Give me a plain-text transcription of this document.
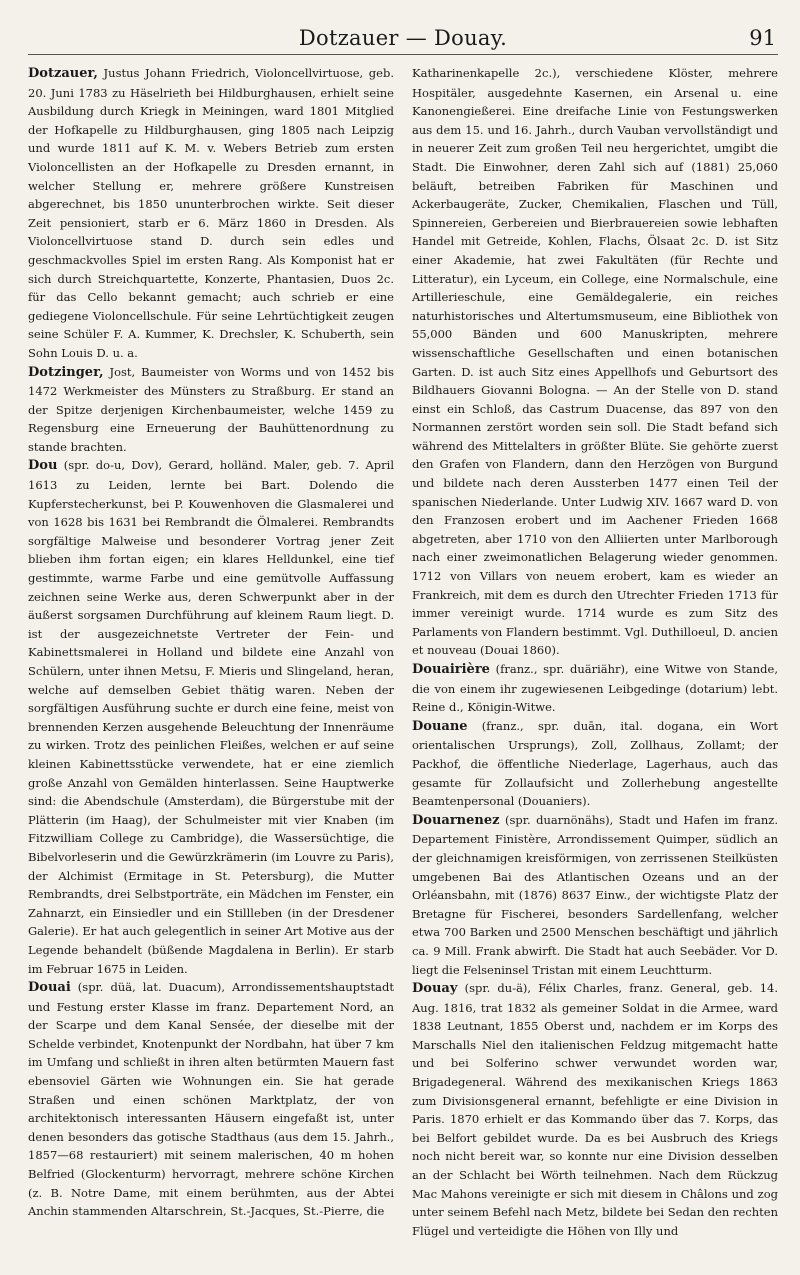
Dotzauer — Douay.	91

Dotzauer, Justus Johann Friedrich, Violoncellvirtuose, geb. 20. Juni 1783 zu Häselrieth bei Hildburghausen, erhielt seine Ausbildung durch Kriegk in Meiningen, ward 1801 Mitglied der Hofkapelle zu Hildburghausen, ging 1805 nach Leipzig und wurde 1811 auf K. M. v. Webers Betrieb zum ersten Violoncellisten an der Hofkapelle zu Dresden ernannt, in welcher Stellung er, mehrere größere Kunstreisen abgerechnet, bis 1850 ununterbrochen wirkte. Seit dieser Zeit pensioniert, starb er 6. März 1860 in Dresden. Als Violoncellvirtuose stand D. durch sein edles und geschmackvolles Spiel im ersten Rang. Als Komponist hat er sich durch Streichquartette, Konzerte, Phantasien, Duos 2c. für das Cello bekannt gemacht; auch schrieb er eine gediegene Violoncellschule. Für seine Lehrtüchtigkeit zeugen seine Schüler F. A. Kummer, K. Drechsler, K. Schuberth, sein Sohn Louis D. u. a.

Dotzinger, Jost, Baumeister von Worms und von 1452 bis 1472 Werkmeister des Münsters zu Straßburg. Er stand an der Spitze derjenigen Kirchenbaumeister, welche 1459 zu Regensburg eine Erneuerung der Bauhüttenordnung zu stande brachten.

Dou (spr. do-u, Dov), Gerard, holländ. Maler, geb. 7. April 1613 zu Leiden, lernte bei Bart. Dolendo die Kupferstecherkunst, bei P. Kouwenhoven die Glasmalerei und von 1628 bis 1631 bei Rembrandt die Ölmalerei. Rembrandts sorgfältige Malweise und besonderer Vortrag jener Zeit blieben ihm fortan eigen; ein klares Helldunkel, eine tief gestimmte, warme Farbe und eine gemütvolle Auffassung zeichnen seine Werke aus, deren Schwerpunkt aber in der äußerst sorgsamen Durchführung auf kleinem Raum liegt. D. ist der ausgezeichnetste Vertreter der Fein- und Kabinettsmalerei in Holland und bildete eine Anzahl von Schülern, unter ihnen Metsu, F. Mieris und Slingeland, heran, welche auf demselben Gebiet thätig waren. Neben der sorgfältigen Ausführung suchte er durch eine feine, meist von brennenden Kerzen ausgehende Beleuchtung der Innenräume zu wirken. Trotz des peinlichen Fleißes, welchen er auf seine kleinen Kabinettsstücke verwendete, hat er eine ziemlich große Anzahl von Gemälden hinterlassen. Seine Hauptwerke sind: die Abendschule (Amsterdam), die Bürgerstube mit der Plätterin (im Haag), der Schulmeister mit vier Knaben (im Fitzwilliam College zu Cambridge), die Wassersüchtige, die Bibelvorleserin und die Gewürzkrämerin (im Louvre zu Paris), der Alchimist (Ermitage in St. Petersburg), die Mutter Rembrandts, drei Selbstporträte, ein Mädchen im Fenster, ein Zahnarzt, ein Einsiedler und ein Stillleben (in der Dresdener Galerie). Er hat auch gelegentlich in seiner Art Motive aus der Legende behandelt (büßende Magdalena in Berlin). Er starb im Februar 1675 in Leiden.

Douai (spr. düä, lat. Duacum), Arrondissementshauptstadt und Festung erster Klasse im franz. Departement Nord, an der Scarpe und dem Kanal Sensée, der dieselbe mit der Schelde verbindet, Knotenpunkt der Nordbahn, hat über 7 km im Umfang und schließt in ihren alten betürmten Mauern fast ebensoviel Gärten wie Wohnungen ein. Sie hat gerade Straßen und einen schönen Marktplatz, der von architektonisch interessanten Häusern eingefaßt ist, unter denen besonders das gotische Stadthaus (aus dem 15. Jahrh., 1857—68 restauriert) mit seinem malerischen, 40 m hohen Belfried (Glockenturm) hervorragt, mehrere schöne Kirchen (z. B. Notre Dame, mit einem berühmten, aus der Abtei Anchin stammenden Altarschrein, St.-Jacques, St.-Pierre, die

Katharinenkapelle 2c.), verschiedene Klöster, mehrere Hospitäler, ausgedehnte Kasernen, ein Arsenal u. eine Kanonengießerei. Eine dreifache Linie von Festungswerken aus dem 15. und 16. Jahrh., durch Vauban vervollständigt und in neuerer Zeit zum großen Teil neu hergerichtet, umgibt die Stadt. Die Einwohner, deren Zahl sich auf (1881) 25,060 beläuft, betreiben Fabriken für Maschinen und Ackerbaugeräte, Zucker, Chemikalien, Flaschen und Tüll, Spinnereien, Gerbereien und Bierbrauereien sowie lebhaften Handel mit Getreide, Kohlen, Flachs, Ölsaat 2c. D. ist Sitz einer Akademie, hat zwei Fakultäten (für Rechte und Litteratur), ein Lyceum, ein College, eine Normalschule, eine Artillerieschule, eine Gemäldegalerie, ein reiches naturhistorisches und Altertumsmuseum, eine Bibliothek von 55,000 Bänden und 600 Manuskripten, mehrere wissenschaftliche Gesellschaften und einen botanischen Garten. D. ist auch Sitz eines Appellhofs und Geburtsort des Bildhauers Giovanni Bologna. — An der Stelle von D. stand einst ein Schloß, das Castrum Duacense, das 897 von den Normannen zerstört worden sein soll. Die Stadt befand sich während des Mittelalters in größter Blüte. Sie gehörte zuerst den Grafen von Flandern, dann den Herzögen von Burgund und bildete nach deren Aussterben 1477 einen Teil der spanischen Niederlande. Unter Ludwig XIV. 1667 ward D. von den Franzosen erobert und im Aachener Frieden 1668 abgetreten, aber 1710 von den Alliierten unter Marlborough nach einer zweimonatlichen Belagerung wieder genommen. 1712 von Villars von neuem erobert, kam es wieder an Frankreich, mit dem es durch den Utrechter Frieden 1713 für immer vereinigt wurde. 1714 wurde es zum Sitz des Parlaments von Flandern bestimmt. Vgl. Duthilloeul, D. ancien et nouveau (Douai 1860).

Douairière (franz., spr. duäriähr), eine Witwe von Stande, die von einem ihr zugewiesenen Leibgedinge (dotarium) lebt. Reine d., Königin-Witwe.

Douane (franz., spr. duān, ital. dogana, ein Wort orientalischen Ursprungs), Zoll, Zollhaus, Zollamt; der Packhof, die öffentliche Niederlage, Lagerhaus, auch das gesamte für Zollaufsicht und Zollerhebung angestellte Beamtenpersonal (Douaniers).

Douarnenez (spr. duarnönähs), Stadt und Hafen im franz. Departement Finistère, Arrondissement Quimper, südlich an der gleichnamigen kreisförmigen, von zerrissenen Steilküsten umgebenen Bai des Atlantischen Ozeans und an der Orléansbahn, mit (1876) 8637 Einw., der wichtigste Platz der Bretagne für Fischerei, besonders Sardellenfang, welcher etwa 700 Barken und 2500 Menschen beschäftigt und jährlich ca. 9 Mill. Frank abwirft. Die Stadt hat auch Seebäder. Vor D. liegt die Felseninsel Tristan mit einem Leuchtturm.

Douay (spr. du-ä), Félix Charles, franz. General, geb. 14. Aug. 1816, trat 1832 als gemeiner Soldat in die Armee, ward 1838 Leutnant, 1855 Oberst und, nachdem er im Korps des Marschalls Niel den italienischen Feldzug mitgemacht hatte und bei Solferino schwer verwundet worden war, Brigadegeneral. Während des mexikanischen Kriegs 1863 zum Divisionsgeneral ernannt, befehligte er eine Division in Paris. 1870 erhielt er das Kommando über das 7. Korps, das bei Belfort gebildet wurde. Da es bei Ausbruch des Kriegs noch nicht bereit war, so konnte nur eine Division desselben an der Schlacht bei Wörth teilnehmen. Nach dem Rückzug Mac Mahons vereinigte er sich mit diesem in Châlons und zog unter seinem Befehl nach Metz, bildete bei Sedan den rechten Flügel und verteidigte die Höhen von Illy und
